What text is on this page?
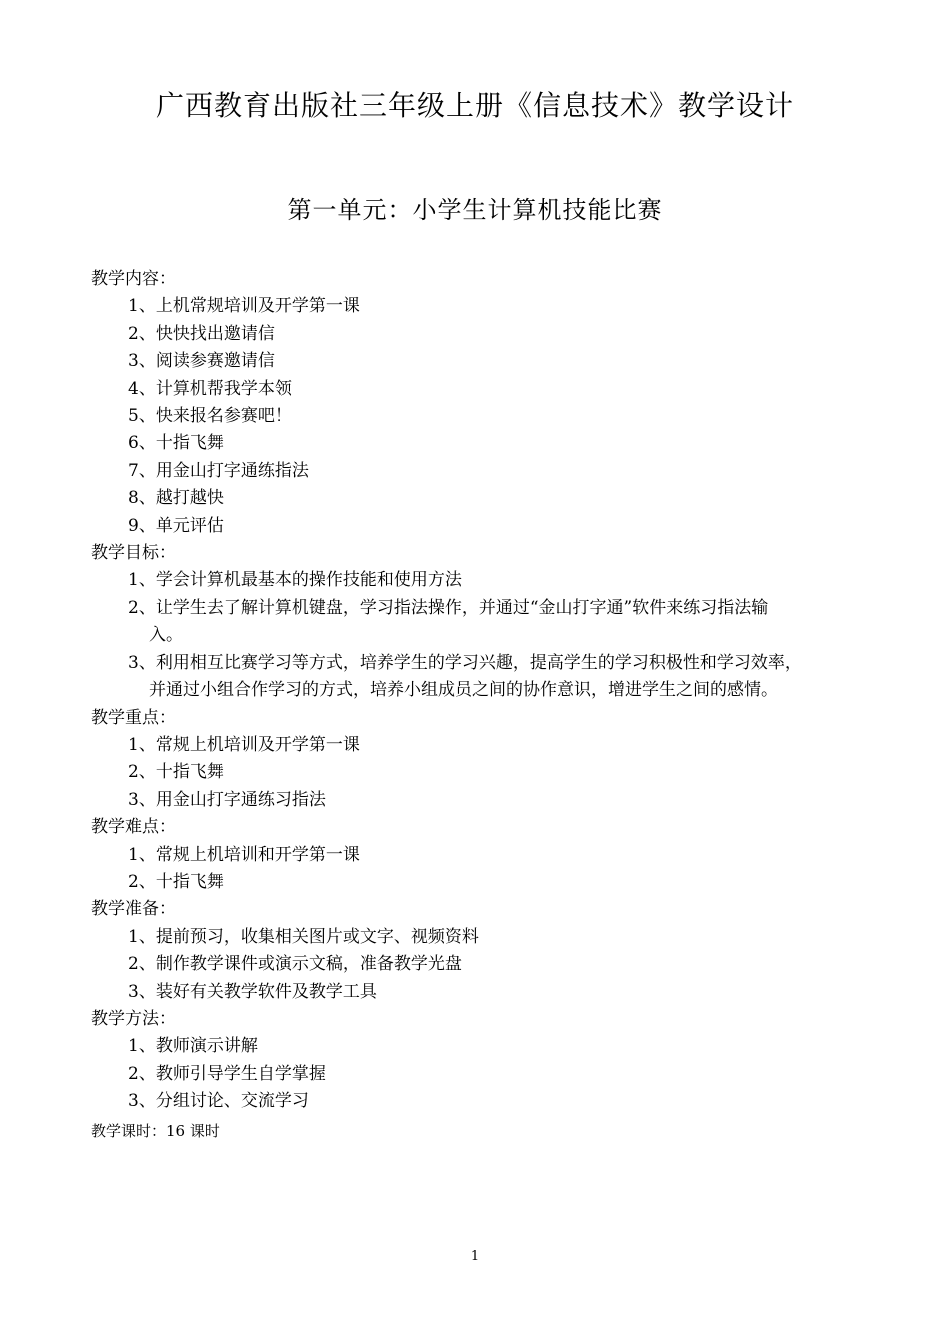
广西教育出版社三年级上册《信息技术》教学设计
第一单元：小学生计算机技能比赛
教学内容：
1、上机常规培训及开学第一课
2、快快找出邀请信
3、阅读参赛邀请信
4、计算机帮我学本领
5、快来报名参赛吧！
6、十指飞舞
7、用金山打字通练指法
8、越打越快
9、单元评估
教学目标：
1、学会计算机最基本的操作技能和使用方法
2、让学生去了解计算机键盘，学习指法操作，并通过“金山打字通”软件来练习指法输
入。
3、利用相互比赛学习等方式，培养学生的学习兴趣，提高学生的学习积极性和学习效率，
并通过小组合作学习的方式，培养小组成员之间的协作意识，增进学生之间的感情。
教学重点：
1、常规上机培训及开学第一课
2、十指飞舞
3、用金山打字通练习指法
教学难点：
1、常规上机培训和开学第一课
2、十指飞舞
教学准备：
1、提前预习，收集相关图片或文字、视频资料
2、制作教学课件或演示文稿，准备教学光盘
3、装好有关教学软件及教学工具
教学方法：
1、教师演示讲解
2、教师引导学生自学掌握
3、分组讨论、交流学习
教学课时：16 课时
1
